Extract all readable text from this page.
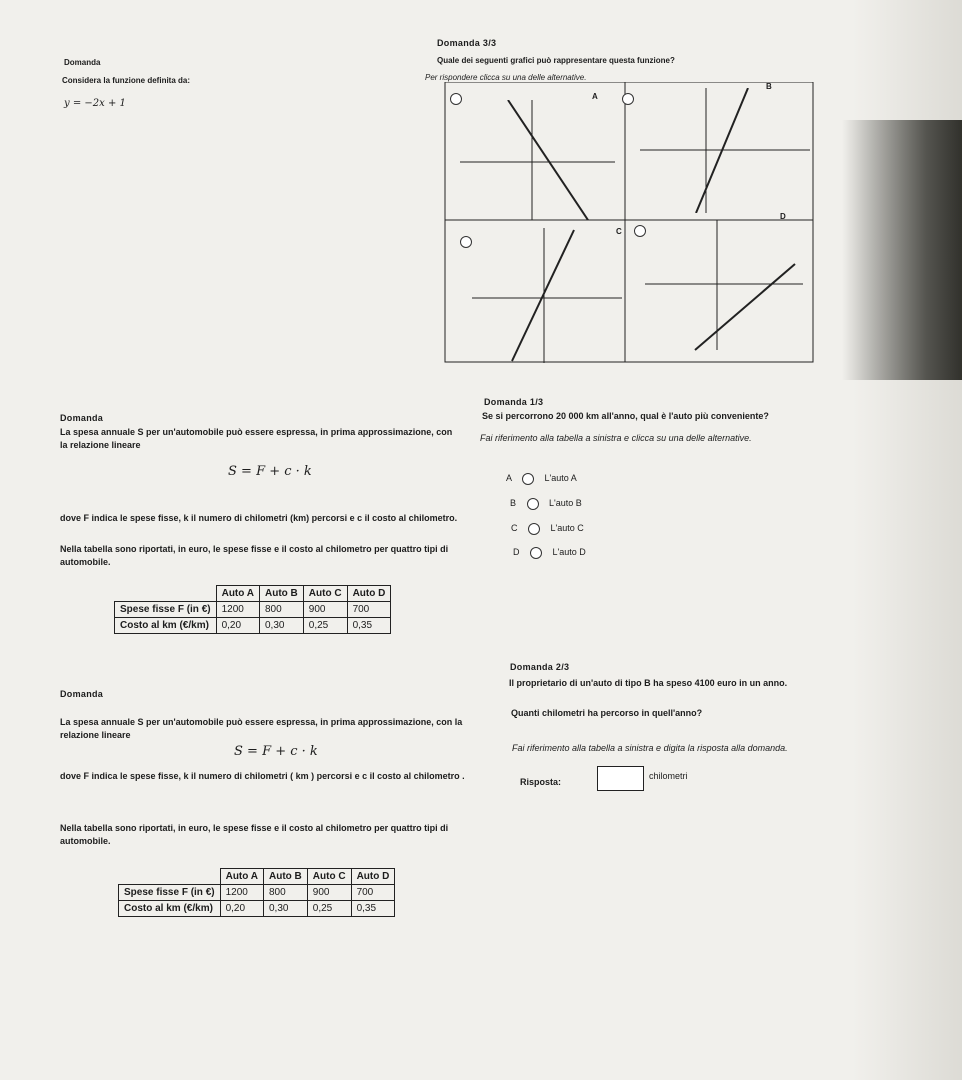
Domanda
Considera la funzione definita da:
y = −2x + 1
Domanda 3/3
Quale dei seguenti grafici può rappresentare questa funzione?
Per rispondere clicca su una delle alternative.
A
B
C
D
Domanda
La spesa annuale S per un'automobile può essere espressa, in prima approssimazione, con la relazione lineare
S = F + c · k
dove F indica le spese fisse, k il numero di chilometri (km) percorsi e c il costo al chilometro.
Nella tabella sono riportati, in euro, le spese fisse e il costo al chilometro per quattro tipi di automobile.
	Auto A	Auto B	Auto C	Auto D
Spese fisse F (in €)	1200	800	900	700
Costo al km (€/km)	0,20	0,30	0,25	0,35
Domanda 1/3
Se si percorrono 20 000 km all'anno, qual è l'auto più conveniente?
Fai riferimento alla tabella a sinistra e clicca su una delle alternative.
A	L'auto A
B	L'auto B
C	L'auto C
D	L'auto D
Domanda
La spesa annuale S per un'automobile può essere espressa, in prima approssimazione, con la relazione lineare
S = F + c · k
dove F indica le spese fisse, k il numero di chilometri ( km ) percorsi e c il costo al chilometro .
Nella tabella sono riportati, in euro, le spese fisse e il costo al chilometro per quattro tipi di automobile.
	Auto A	Auto B	Auto C	Auto D
Spese fisse F (in €)	1200	800	900	700
Costo al km (€/km)	0,20	0,30	0,25	0,35
Domanda 2/3
Il proprietario di un'auto di tipo B ha speso 4100 euro in un anno.
Quanti chilometri ha percorso in quell'anno?
Fai riferimento alla tabella a sinistra e digita la risposta alla domanda.
Risposta:
chilometri
